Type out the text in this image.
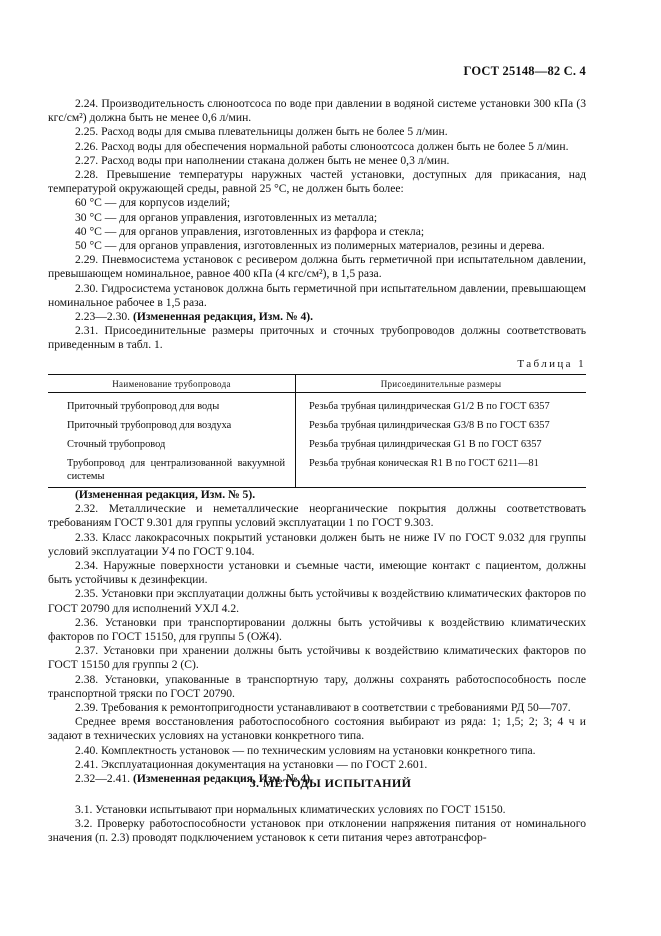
ГОСТ 25148—82 С. 4

2.24. Производительность слюноотсоса по воде при давлении в водяной системе установки 300 кПа (3 кгс/см²) должна быть не менее 0,6 л/мин.

2.25. Расход воды для смыва плевательницы должен быть не более 5 л/мин.

2.26. Расход воды для обеспечения нормальной работы слюноотсоса должен быть не более 5 л/мин.

2.27. Расход воды при наполнении стакана должен быть не менее 0,3 л/мин.

2.28. Превышение температуры наружных частей установки, доступных для прикасания, над температурой окружающей среды, равной 25 °С, не должен быть более:

60 °С — для корпусов изделий;

30 °С — для органов управления, изготовленных из металла;

40 °С — для органов управления, изготовленных из фарфора и стекла;

50 °С — для органов управления, изготовленных из полимерных материалов, резины и дерева.

2.29. Пневмосистема установок с ресивером должна быть герметичной при испытательном давлении, превышающем номинальное, равное 400 кПа (4 кгс/см²), в 1,5 раза.

2.30. Гидросистема установок должна быть герметичной при испытательном давлении, превышающем номинальное рабочее в 1,5 раза.

2.23—2.30. (Измененная редакция, Изм. № 4).

2.31. Присоединительные размеры приточных и сточных трубопроводов должны соответствовать приведенным в табл. 1.

Таблица 1
Наименование трубопровода	Присоединительные размеры
Приточный трубопровод для воды	Резьба трубная цилиндрическая G1/2 В по ГОСТ 6357
Приточный трубопровод для воздуха	Резьба трубная цилиндрическая G3/8 В по ГОСТ 6357
Сточный трубопровод	Резьба трубная цилиндрическая G1 В по ГОСТ 6357
Трубопровод для централизованной вакуумной системы	Резьба трубная коническая R1 В по ГОСТ 6211—81

(Измененная редакция, Изм. № 5).

2.32. Металлические и неметаллические неорганические покрытия должны соответствовать требованиям ГОСТ 9.301 для группы условий эксплуатации 1 по ГОСТ 9.303.

2.33. Класс лакокрасочных покрытий установки должен быть не ниже IV по ГОСТ 9.032 для группы условий эксплуатации У4 по ГОСТ 9.104.

2.34. Наружные поверхности установки и съемные части, имеющие контакт с пациентом, должны быть устойчивы к дезинфекции.

2.35. Установки при эксплуатации должны быть устойчивы к воздействию климатических факторов по ГОСТ 20790 для исполнений УХЛ 4.2.

2.36. Установки при транспортировании должны быть устойчивы к воздействию климатических факторов по ГОСТ 15150, для группы 5 (ОЖ4).

2.37. Установки при хранении должны быть устойчивы к воздействию климатических факторов по ГОСТ 15150 для группы 2 (С).

2.38. Установки, упакованные в транспортную тару, должны сохранять работоспособность после транспортной тряски по ГОСТ 20790.

2.39. Требования к ремонтопригодности устанавливают в соответствии с требованиями РД 50—707.

Среднее время восстановления работоспособного состояния выбирают из ряда: 1; 1,5; 2; 3; 4 ч и задают в технических условиях на установки конкретного типа.

2.40. Комплектность установок — по техническим условиям на установки конкретного типа.

2.41. Эксплуатационная документация на установки — по ГОСТ 2.601.

2.32—2.41. (Измененная редакция, Изм. № 4).

3. МЕТОДЫ ИСПЫТАНИЙ

3.1. Установки испытывают при нормальных климатических условиях по ГОСТ 15150.

3.2. Проверку работоспособности установок при отклонении напряжения питания от номинального значения (п. 2.3) проводят подключением установок к сети питания через автотрансфор-
